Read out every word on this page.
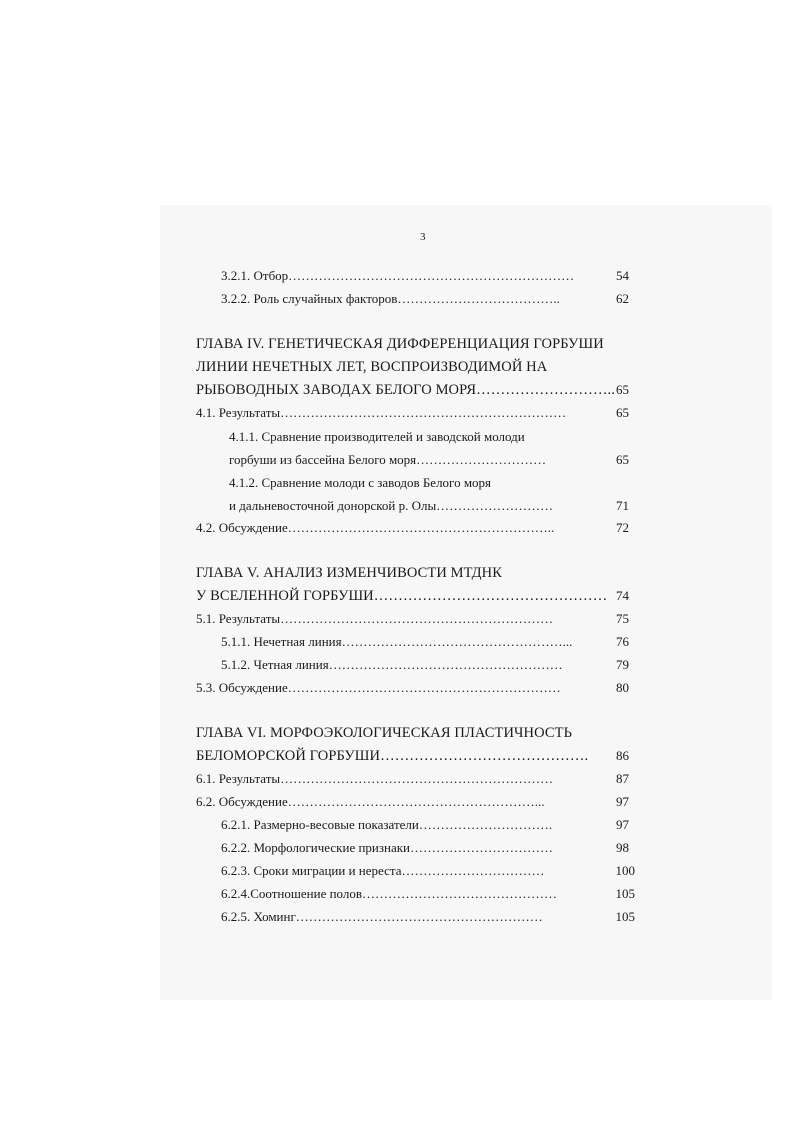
3
3.2.1. Отбор…………………………………………………………	54
3.2.2. Роль случайных факторов………………………………..	62
ГЛАВА IV. ГЕНЕТИЧЕСКАЯ ДИФФЕРЕНЦИАЦИЯ ГОРБУШИ
ЛИНИИ НЕЧЕТНЫХ ЛЕТ, ВОСПРОИЗВОДИМОЙ НА
РЫБОВОДНЫХ ЗАВОДАХ БЕЛОГО МОРЯ……………………….. 65
4.1. Результаты…………………………………………………………	65
4.1.1. Сравнение производителей и заводской молоди
горбуши из бассейна Белого моря…………………………	65
4.1.2. Сравнение молоди с заводов Белого моря
и дальневосточной донорской р. Олы………………………	71
4.2. Обсуждение……………………………………………………..	72
ГЛАВА V. АНАЛИЗ ИЗМЕНЧИВОСТИ МТДНК
У ВСЕЛЕННОЙ ГОРБУШИ………………………………………… 74
5.1. Результаты………………………………………………………	75
5.1.1. Нечетная линия……………………………………………...	76
5.1.2. Четная линия………………………………………………	79
5.3. Обсуждение………………………………………………………	80
ГЛАВА VI. МОРФОЭКОЛОГИЧЕСКАЯ ПЛАСТИЧНОСТЬ
БЕЛОМОРСКОЙ ГОРБУШИ……………………………………. 86
6.1. Результаты………………………………………………………	87
6.2. Обсуждение…………………………………………………...	97
6.2.1. Размерно-весовые показатели………………………….	97
6.2.2. Морфологические признаки……………………………	98
6.2.3. Сроки миграции и нереста……………………………	100
6.2.4.Соотношение полов………………………………………	105
6.2.5. Хоминг…………………………………………………	105
